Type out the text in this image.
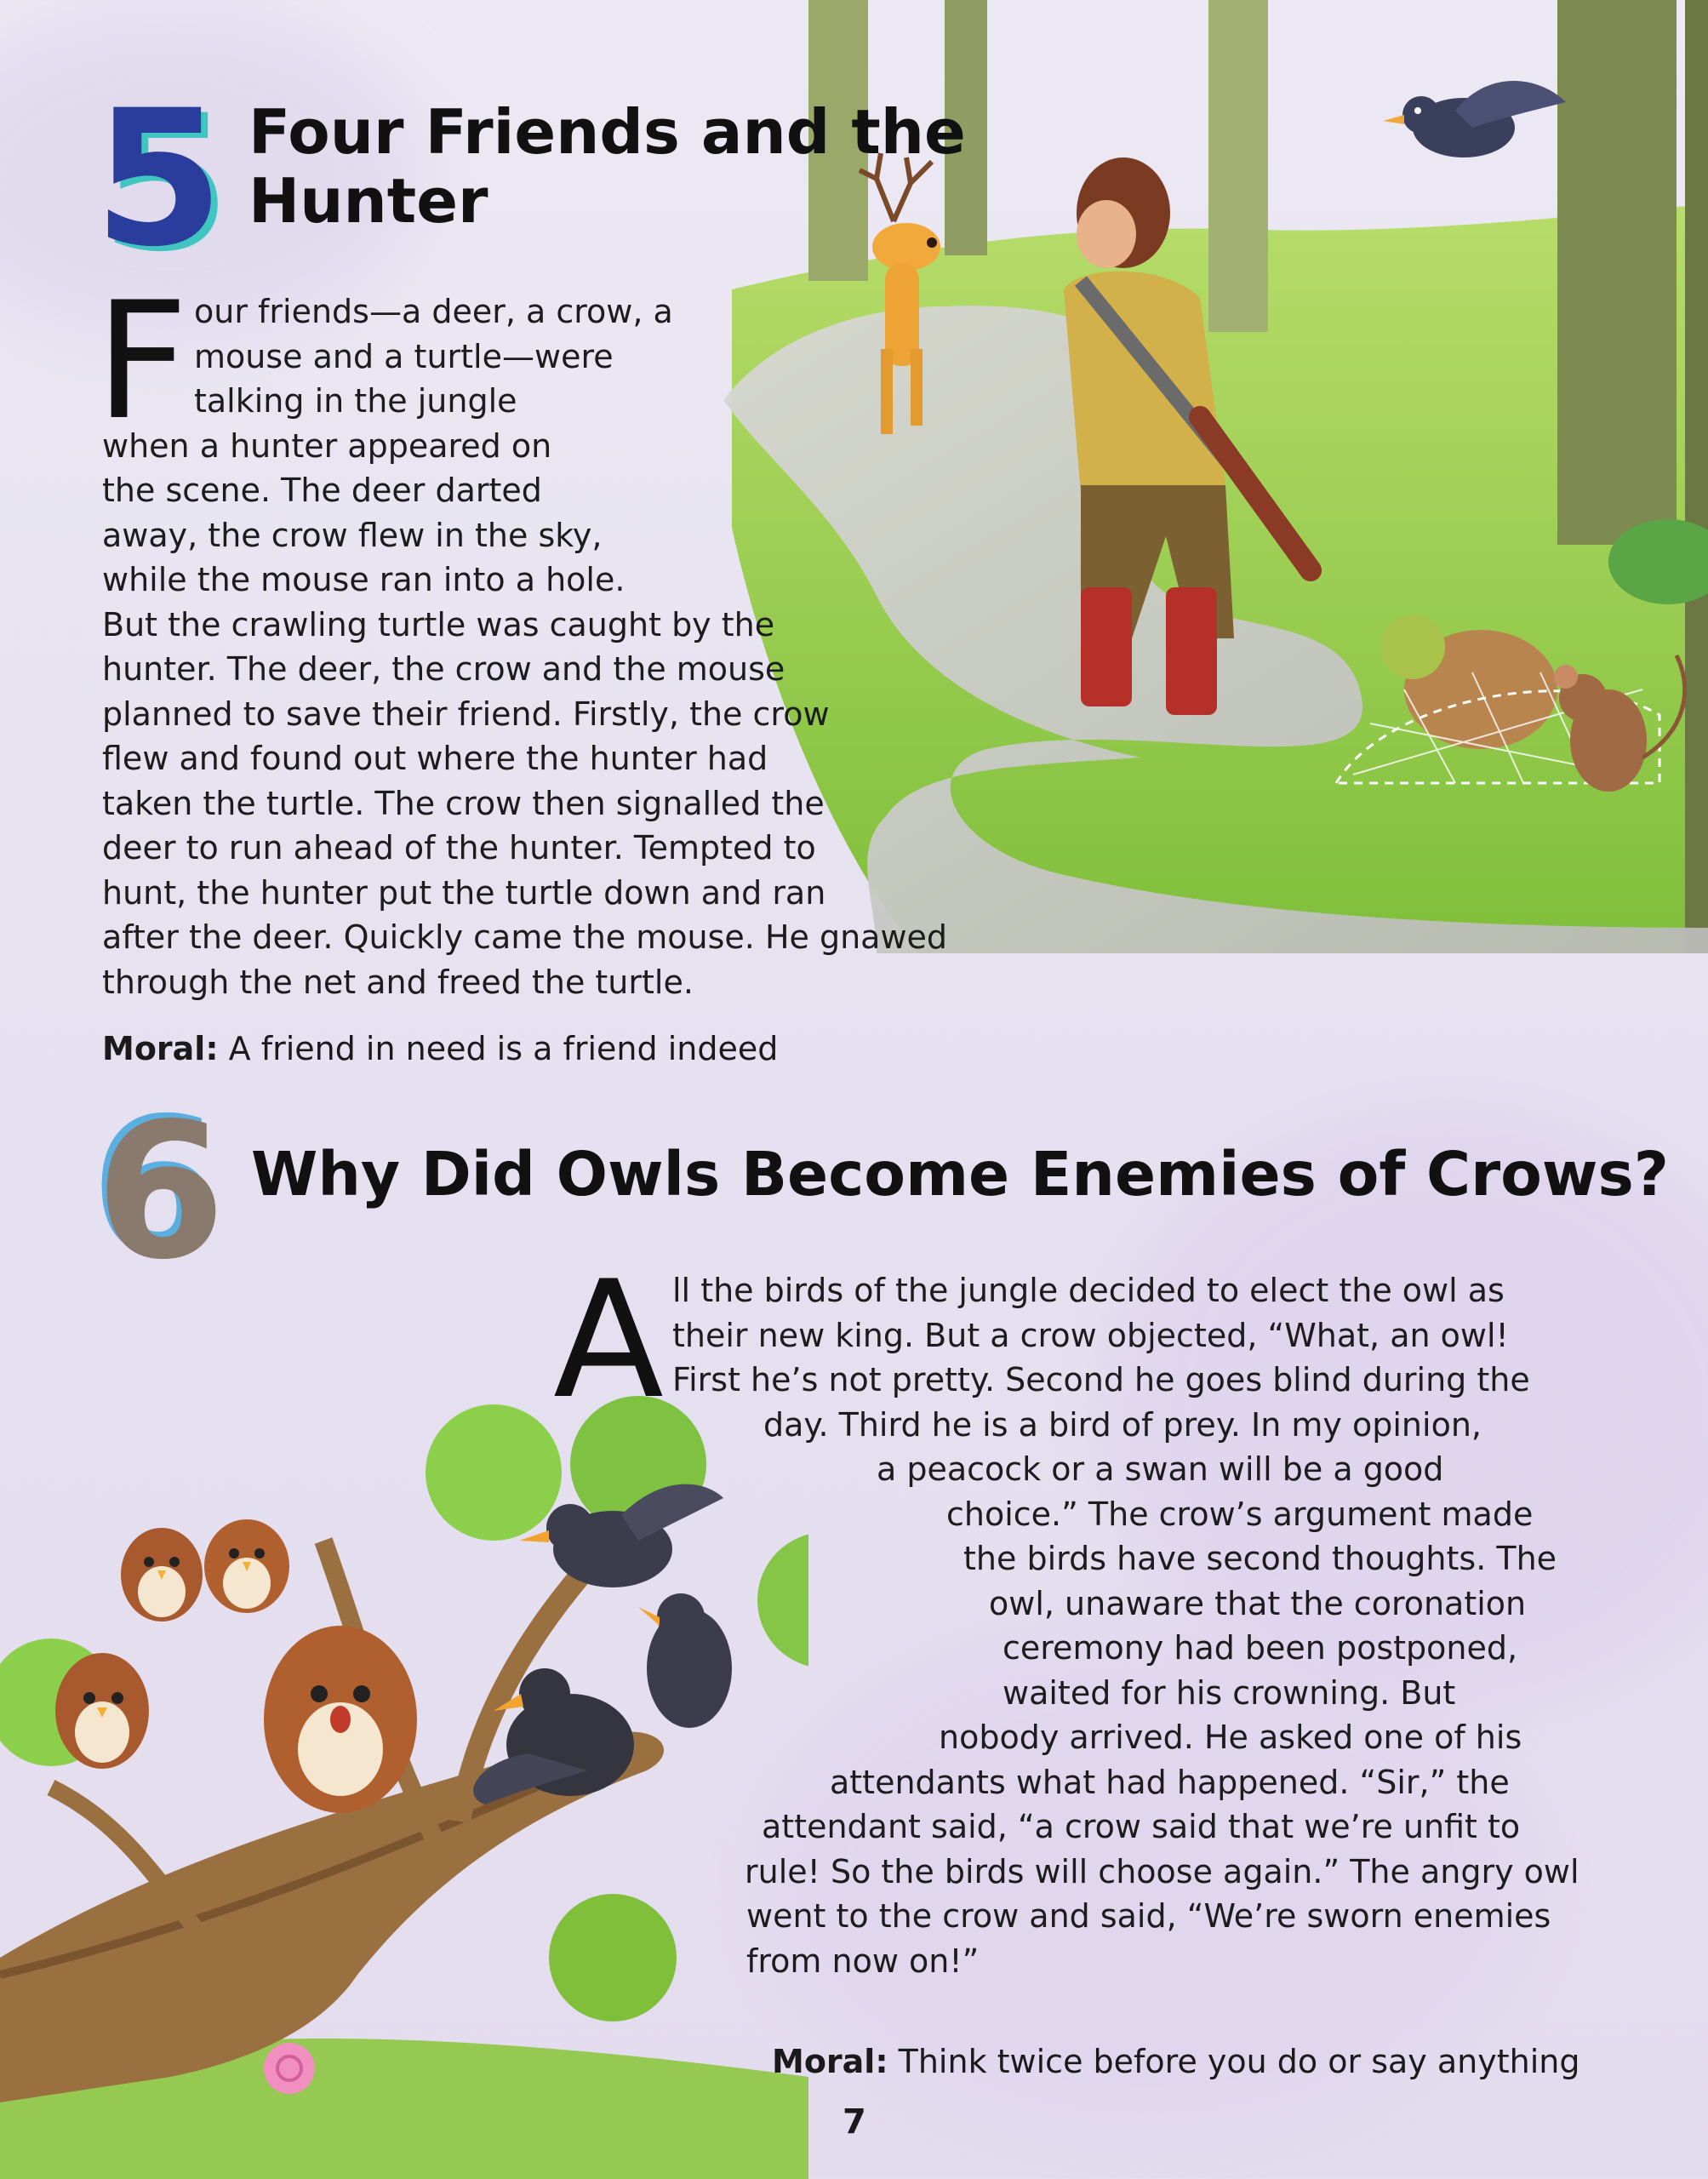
5 Four Friends and the
Hunter
F our friends—a deer, a crow, a
mouse and a turtle—were
talking in the jungle
when a hunter appeared on
the scene. The deer darted
away, the crow flew in the sky,
while the mouse ran into a hole.
But the crawling turtle was caught by the
hunter. The deer, the crow and the mouse
planned to save their friend. Firstly, the crow
flew and found out where the hunter had
taken the turtle. The crow then signalled the
deer to run ahead of the hunter. Tempted to
hunt, the hunter put the turtle down and ran
after the deer. Quickly came the mouse. He gnawed
through the net and freed the turtle.
Moral: A friend in need is a friend indeed
6 Why Did Owls Become Enemies of Crows?
A ll the birds of the jungle decided to elect the owl as
their new king. But a crow objected, “What, an owl!
First he’s not pretty. Second he goes blind during the
day. Third he is a bird of prey. In my opinion,
a peacock or a swan will be a good
choice.” The crow’s argument made
the birds have second thoughts. The
owl, unaware that the coronation
ceremony had been postponed,
waited for his crowning. But
nobody arrived. He asked one of his
attendants what had happened. “Sir,” the
attendant said, “a crow said that we’re unfit to
rule! So the birds will choose again.” The angry owl
went to the crow and said, “We’re sworn enemies
from now on!”
Moral: Think twice before you do or say anything
7
